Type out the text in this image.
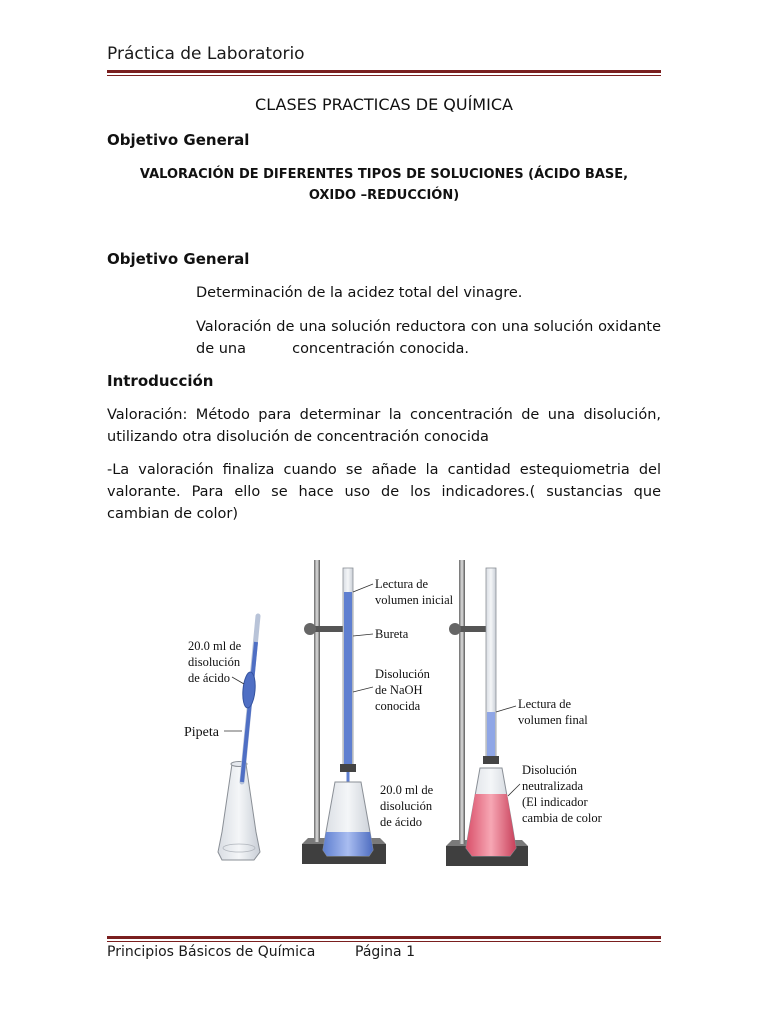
Práctica de Laboratorio
CLASES PRACTICAS DE QUÍMICA
Objetivo General
VALORACIÓN DE DIFERENTES TIPOS DE SOLUCIONES (ÁCIDO BASE,
OXIDO –REDUCCIÓN)
Objetivo General
Determinación de la acidez total del vinagre.
Valoración de una solución reductora con una solución oxidante de una          concentración conocida.
Introducción
Valoración: Método para determinar la concentración de una disolución, utilizando otra disolución de concentración conocida
-La valoración finaliza cuando se añade la cantidad estequiometria del valorante. Para ello se hace uso de los indicadores.( sustancias que cambian de color)
20.0 ml de
disolución
de ácido
Pipeta
Lectura de
volumen inicial
Bureta
Disolución
de NaOH
conocida
20.0 ml de
disolución
de ácido
Lectura de
volumen final
Disolución
neutralizada
(El indicador
cambia de color)
Principios Básicos de Química	Página 1
